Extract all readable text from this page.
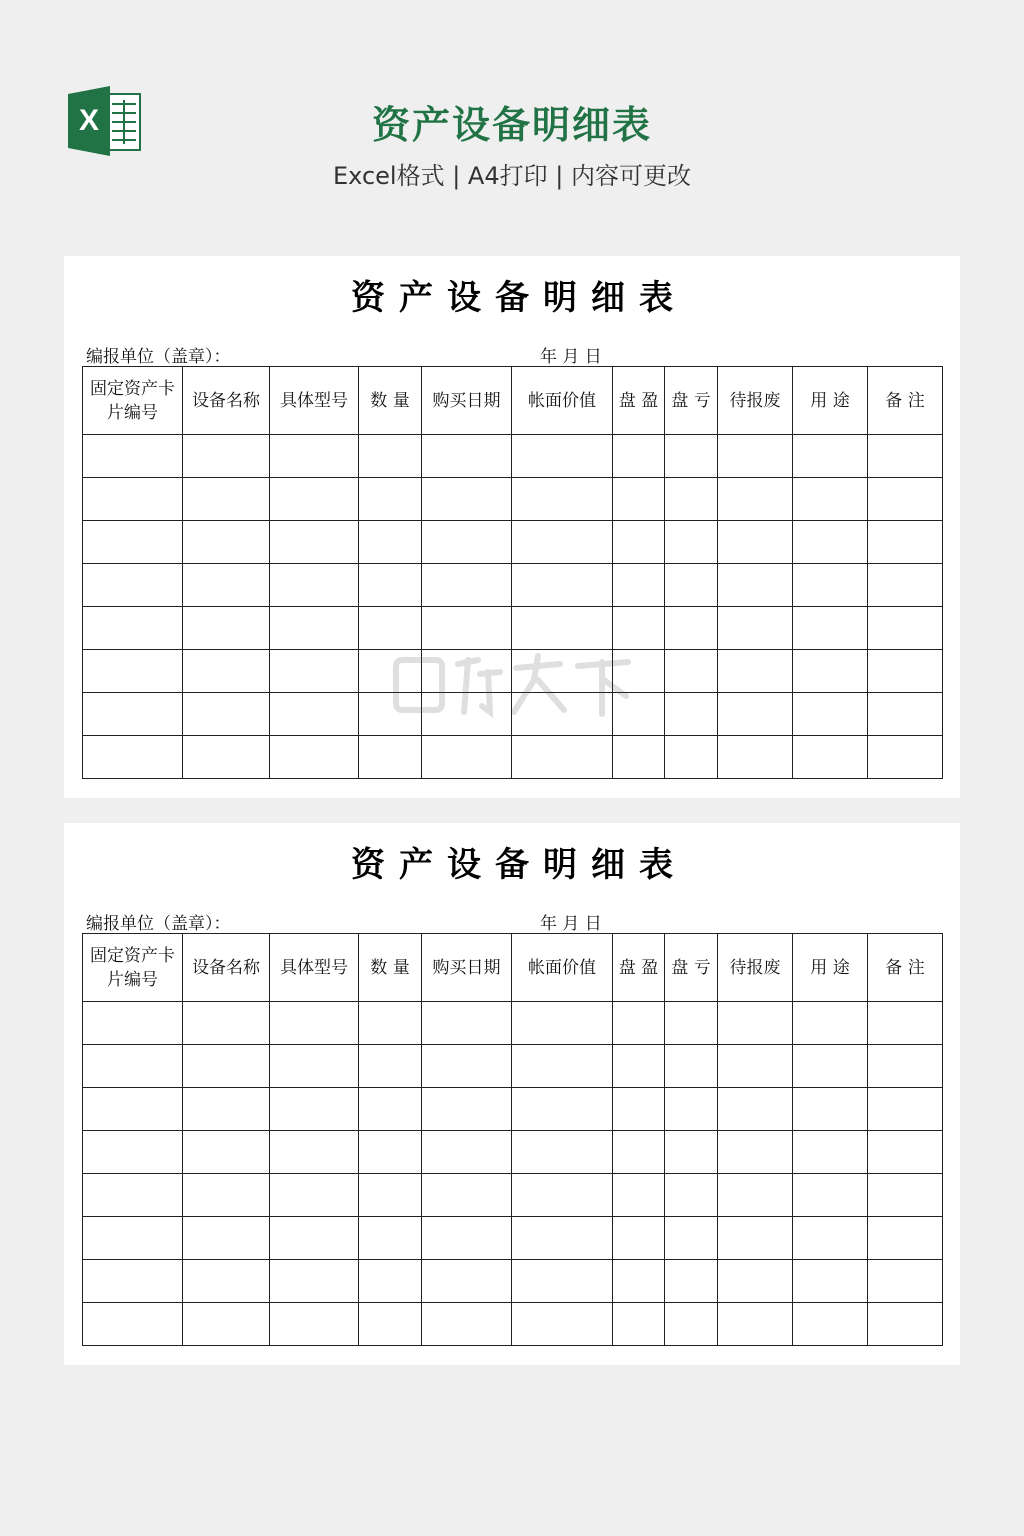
X	资产设备明细表
Excel格式 | A4打印 | 内容可更改
资产设备明细表
编报单位（盖章）：	年 月 日
固定资产卡片编号	设备名称	具体型号	数 量	购买日期	帐面价值	盘 盈	盘 亏	待报废	用 途	备 注

资产设备明细表
编报单位（盖章）：	年 月 日
固定资产卡片编号	设备名称	具体型号	数 量	购买日期	帐面价值	盘 盈	盘 亏	待报废	用 途	备 注
